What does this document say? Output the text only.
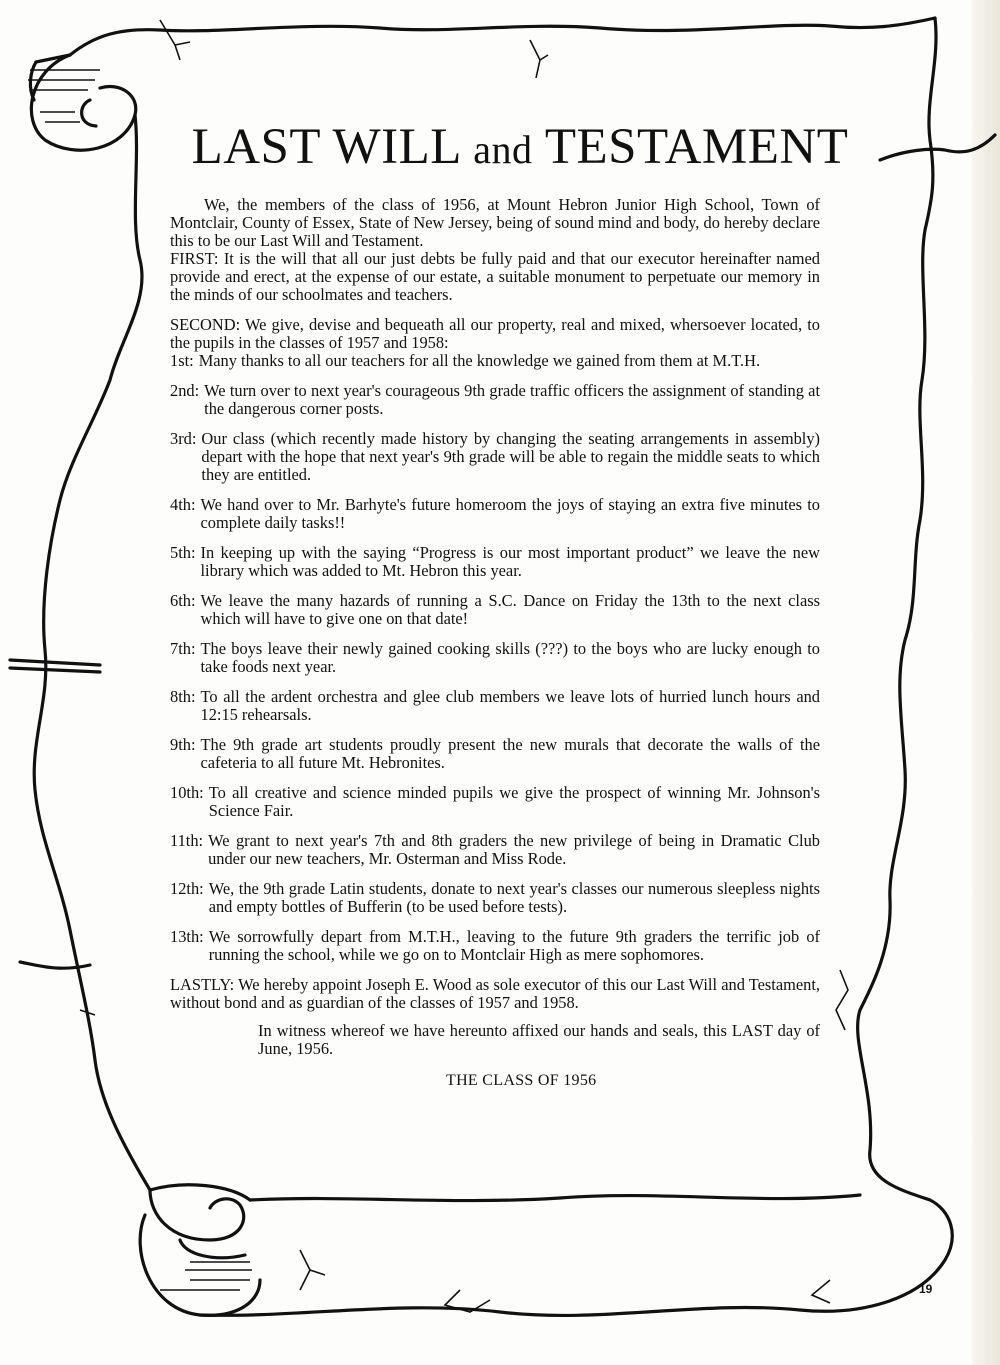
LAST WILL and TESTAMENT

We, the members of the class of 1956, at Mount Hebron Junior High School, Town of Montclair, County of Essex, State of New Jersey, being of sound mind and body, do hereby declare this to be our Last Will and Testament.

FIRST: It is the will that all our just debts be fully paid and that our executor hereinafter named provide and erect, at the expense of our estate, a suitable monument to perpetuate our memory in the minds of our schoolmates and teachers.

SECOND: We give, devise and bequeath all our property, real and mixed, whersoever located, to the pupils in the classes of 1957 and 1958:

1st: Many thanks to all our teachers for all the knowledge we gained from them at M.T.H.
2nd: We turn over to next year's courageous 9th grade traffic officers the assignment of standing at the dangerous corner posts.
3rd: Our class (which recently made history by changing the seating arrangements in assembly) depart with the hope that next year's 9th grade will be able to regain the middle seats to which they are entitled.
4th: We hand over to Mr. Barhyte's future homeroom the joys of staying an extra five minutes to complete daily tasks!!
5th: In keeping up with the saying “Progress is our most important product” we leave the new library which was added to Mt. Hebron this year.
6th: We leave the many hazards of running a S.C. Dance on Friday the 13th to the next class which will have to give one on that date!
7th: The boys leave their newly gained cooking skills (???) to the boys who are lucky enough to take foods next year.
8th: To all the ardent orchestra and glee club members we leave lots of hurried lunch hours and 12:15 rehearsals.
9th: The 9th grade art students proudly present the new murals that decorate the walls of the cafeteria to all future Mt. Hebronites.
10th: To all creative and science minded pupils we give the prospect of winning Mr. Johnson's Science Fair.
11th: We grant to next year's 7th and 8th graders the new privilege of being in Dramatic Club under our new teachers, Mr. Osterman and Miss Rode.
12th: We, the 9th grade Latin students, donate to next year's classes our numerous sleepless nights and empty bottles of Bufferin (to be used before tests).
13th: We sorrowfully depart from M.T.H., leaving to the future 9th graders the terrific job of running the school, while we go on to Montclair High as mere sophomores.

LASTLY: We hereby appoint Joseph E. Wood as sole executor of this our Last Will and Testament, without bond and as guardian of the classes of 1957 and 1958.

In witness whereof we have hereunto affixed our hands and seals, this LAST day of June, 1956.

THE CLASS OF 1956

19
